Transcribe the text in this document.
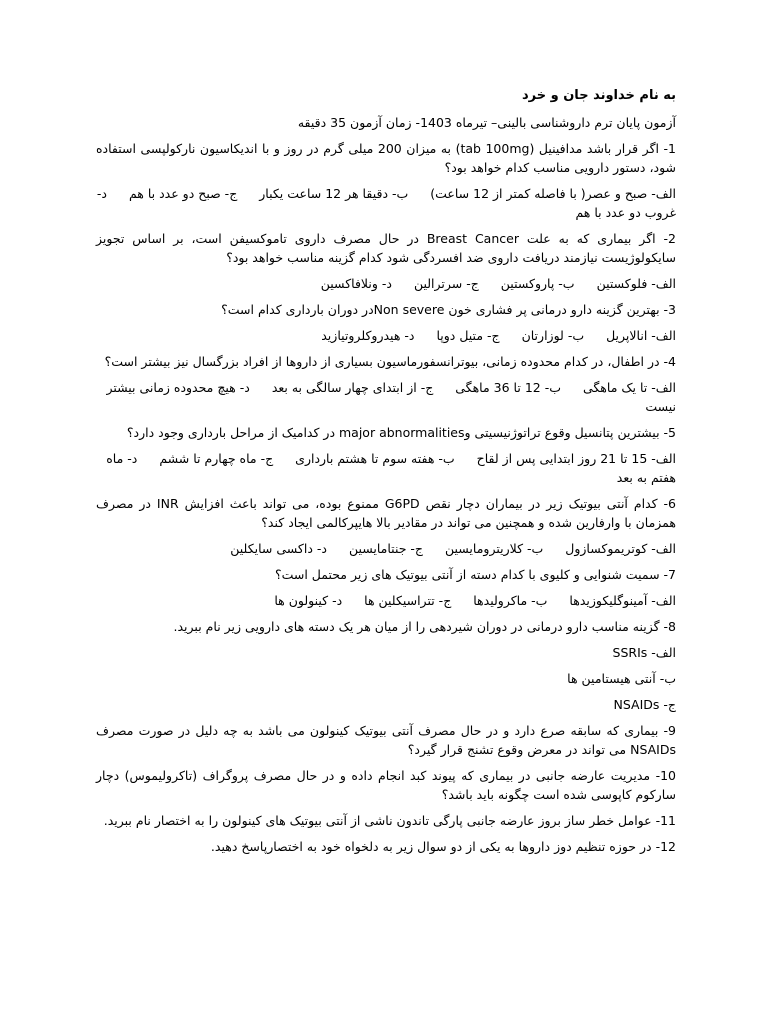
به نام خداوند جان و خرد
آزمون پایان ترم داروشناسی بالینی– تیرماه 1403- زمان آزمون 35 دقیقه
1- اگر قرار باشد مدافینیل (tab 100mg) به میزان 200 میلی گرم در روز و با اندیکاسیون نارکولپسی استفاده شود، دستور دارویی مناسب کدام خواهد بود؟
الف- صبح و عصر( با فاصله کمتر از 12 ساعت) ب- دقیقا هر 12 ساعت یکبار ج- صبح دو عدد با هم د- غروب دو عدد با هم
2- اگر بیماری که به علت Breast Cancer در حال مصرف داروی تاموکسیفن است، بر اساس تجویز سایکولوژیست نیازمند دریافت داروی ضد افسردگی شود کدام گزینه مناسب خواهد بود؟
الف- فلوکستین ب- پاروکستین ج- سرترالین د- ونلافاکسین
3- بهترین گزینه دارو درمانی پر فشاری خون Non severeدر دوران بارداری کدام است؟
الف- انالاپریل ب- لوزارتان ج- متیل دوپا د- هیدروکلروتیازید
4- در اطفال، در کدام محدوده زمانی، بیوترانسفورماسیون بسیاری از داروها از افراد بزرگسال نیز بیشتر است؟
الف- تا یک ماهگی ب- 12 تا 36 ماهگی ج- از ابتدای چهار سالگی به بعد د- هیچ محدوده زمانی بیشتر نیست
5- بیشترین پتانسیل وقوع تراتوژنیسیتی وmajor abnormalities در کدامیک از مراحل بارداری وجود دارد؟
الف- 15 تا 21 روز ابتدایی پس از لقاح ب- هفته سوم تا هشتم بارداری ج- ماه چهارم تا ششم د- ماه هفتم به بعد
6- کدام آنتی بیوتیک زیر در بیماران دچار نقص G6PD ممنوع بوده، می تواند باعث افزایش INR در مصرف همزمان با وارفارین شده و همچنین می تواند در مقادیر بالا هایپرکالمی ایجاد کند؟
الف- کوتریموکسازول ب- کلاریترومایسین ج- جنتامایسین د- داکسی سایکلین
7- سمیت شنوایی و کلیوی با کدام دسته از آنتی بیوتیک های زیر محتمل است؟
الف- آمینوگلیکوزیدها ب- ماکرولیدها ج- تتراسیکلین ها د- کینولون ها
8- گزینه مناسب دارو درمانی در دوران شیردهی را از میان هر یک دسته های دارویی زیر نام ببرید.
الف- SSRIs
ب- آنتی هیستامین ها
ج- NSAIDs
9- بیماری که سابقه صرع دارد و در حال مصرف آنتی بیوتیک کینولون می باشد به چه دلیل در صورت مصرف NSAIDs می تواند در معرض وقوع تشنج قرار گیرد؟
10- مدیریت عارضه جانبی در بیماری که پیوند کبد انجام داده و در حال مصرف پروگراف (تاکرولیموس) دچار سارکوم کاپوسی شده است چگونه باید باشد؟
11- عوامل خطر ساز بروز عارضه جانبی پارگی تاندون ناشی از آنتی بیوتیک های کینولون را به اختصار نام ببرید.
12- در حوزه تنظیم دوز داروها به یکی از دو سوال زیر به دلخواه خود به اختصارپاسخ دهید.
